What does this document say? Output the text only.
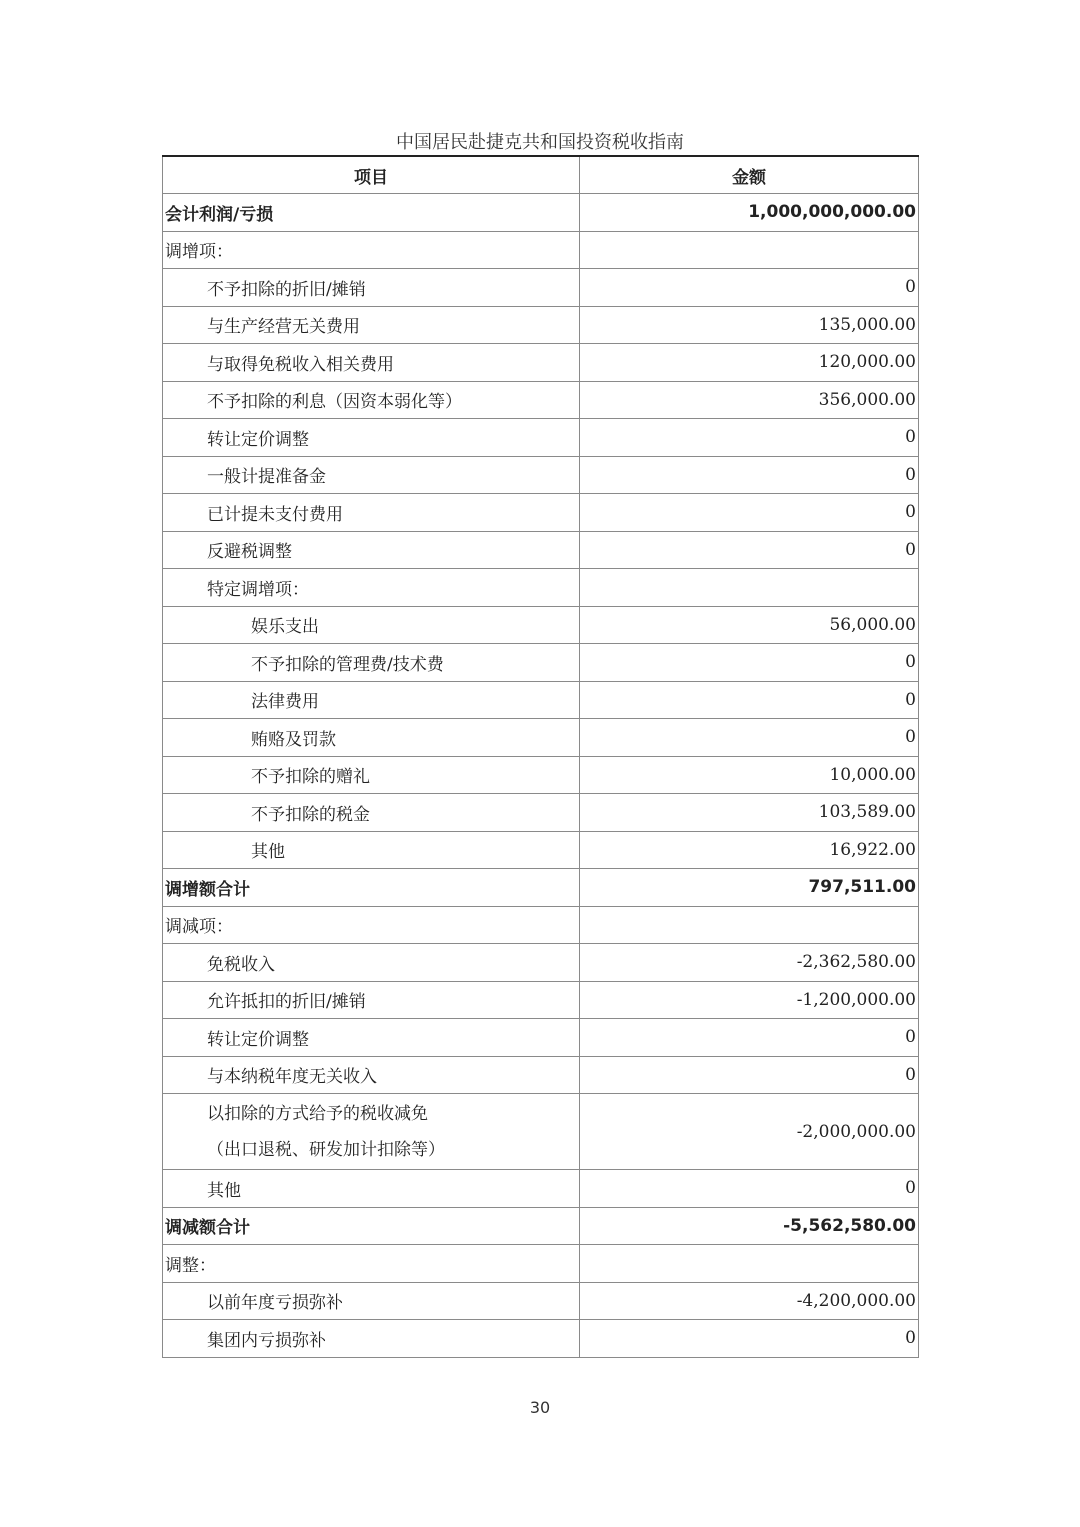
中国居民赴捷克共和国投资税收指南
项目	金额
会计利润/亏损	1,000,000,000.00
调增项：	
不予扣除的折旧/摊销	0
与生产经营无关费用	135,000.00
与取得免税收入相关费用	120,000.00
不予扣除的利息（因资本弱化等）	356,000.00
转让定价调整	0
一般计提准备金	0
已计提未支付费用	0
反避税调整	0
特定调增项：	
娱乐支出	56,000.00
不予扣除的管理费/技术费	0
法律费用	0
贿赂及罚款	0
不予扣除的赠礼	10,000.00
不予扣除的税金	103,589.00
其他	16,922.00
调增额合计	797,511.00
调减项：	
免税收入	-2,362,580.00
允许抵扣的折旧/摊销	-1,200,000.00
转让定价调整	0
与本纳税年度无关收入	0

以扣除的方式给予的税收减免
（出口退税、研发加计扣除等）	-2,000,000.00
其他	0
调减额合计	-5,562,580.00
调整：	
以前年度亏损弥补	-4,200,000.00
集团内亏损弥补	0
30
